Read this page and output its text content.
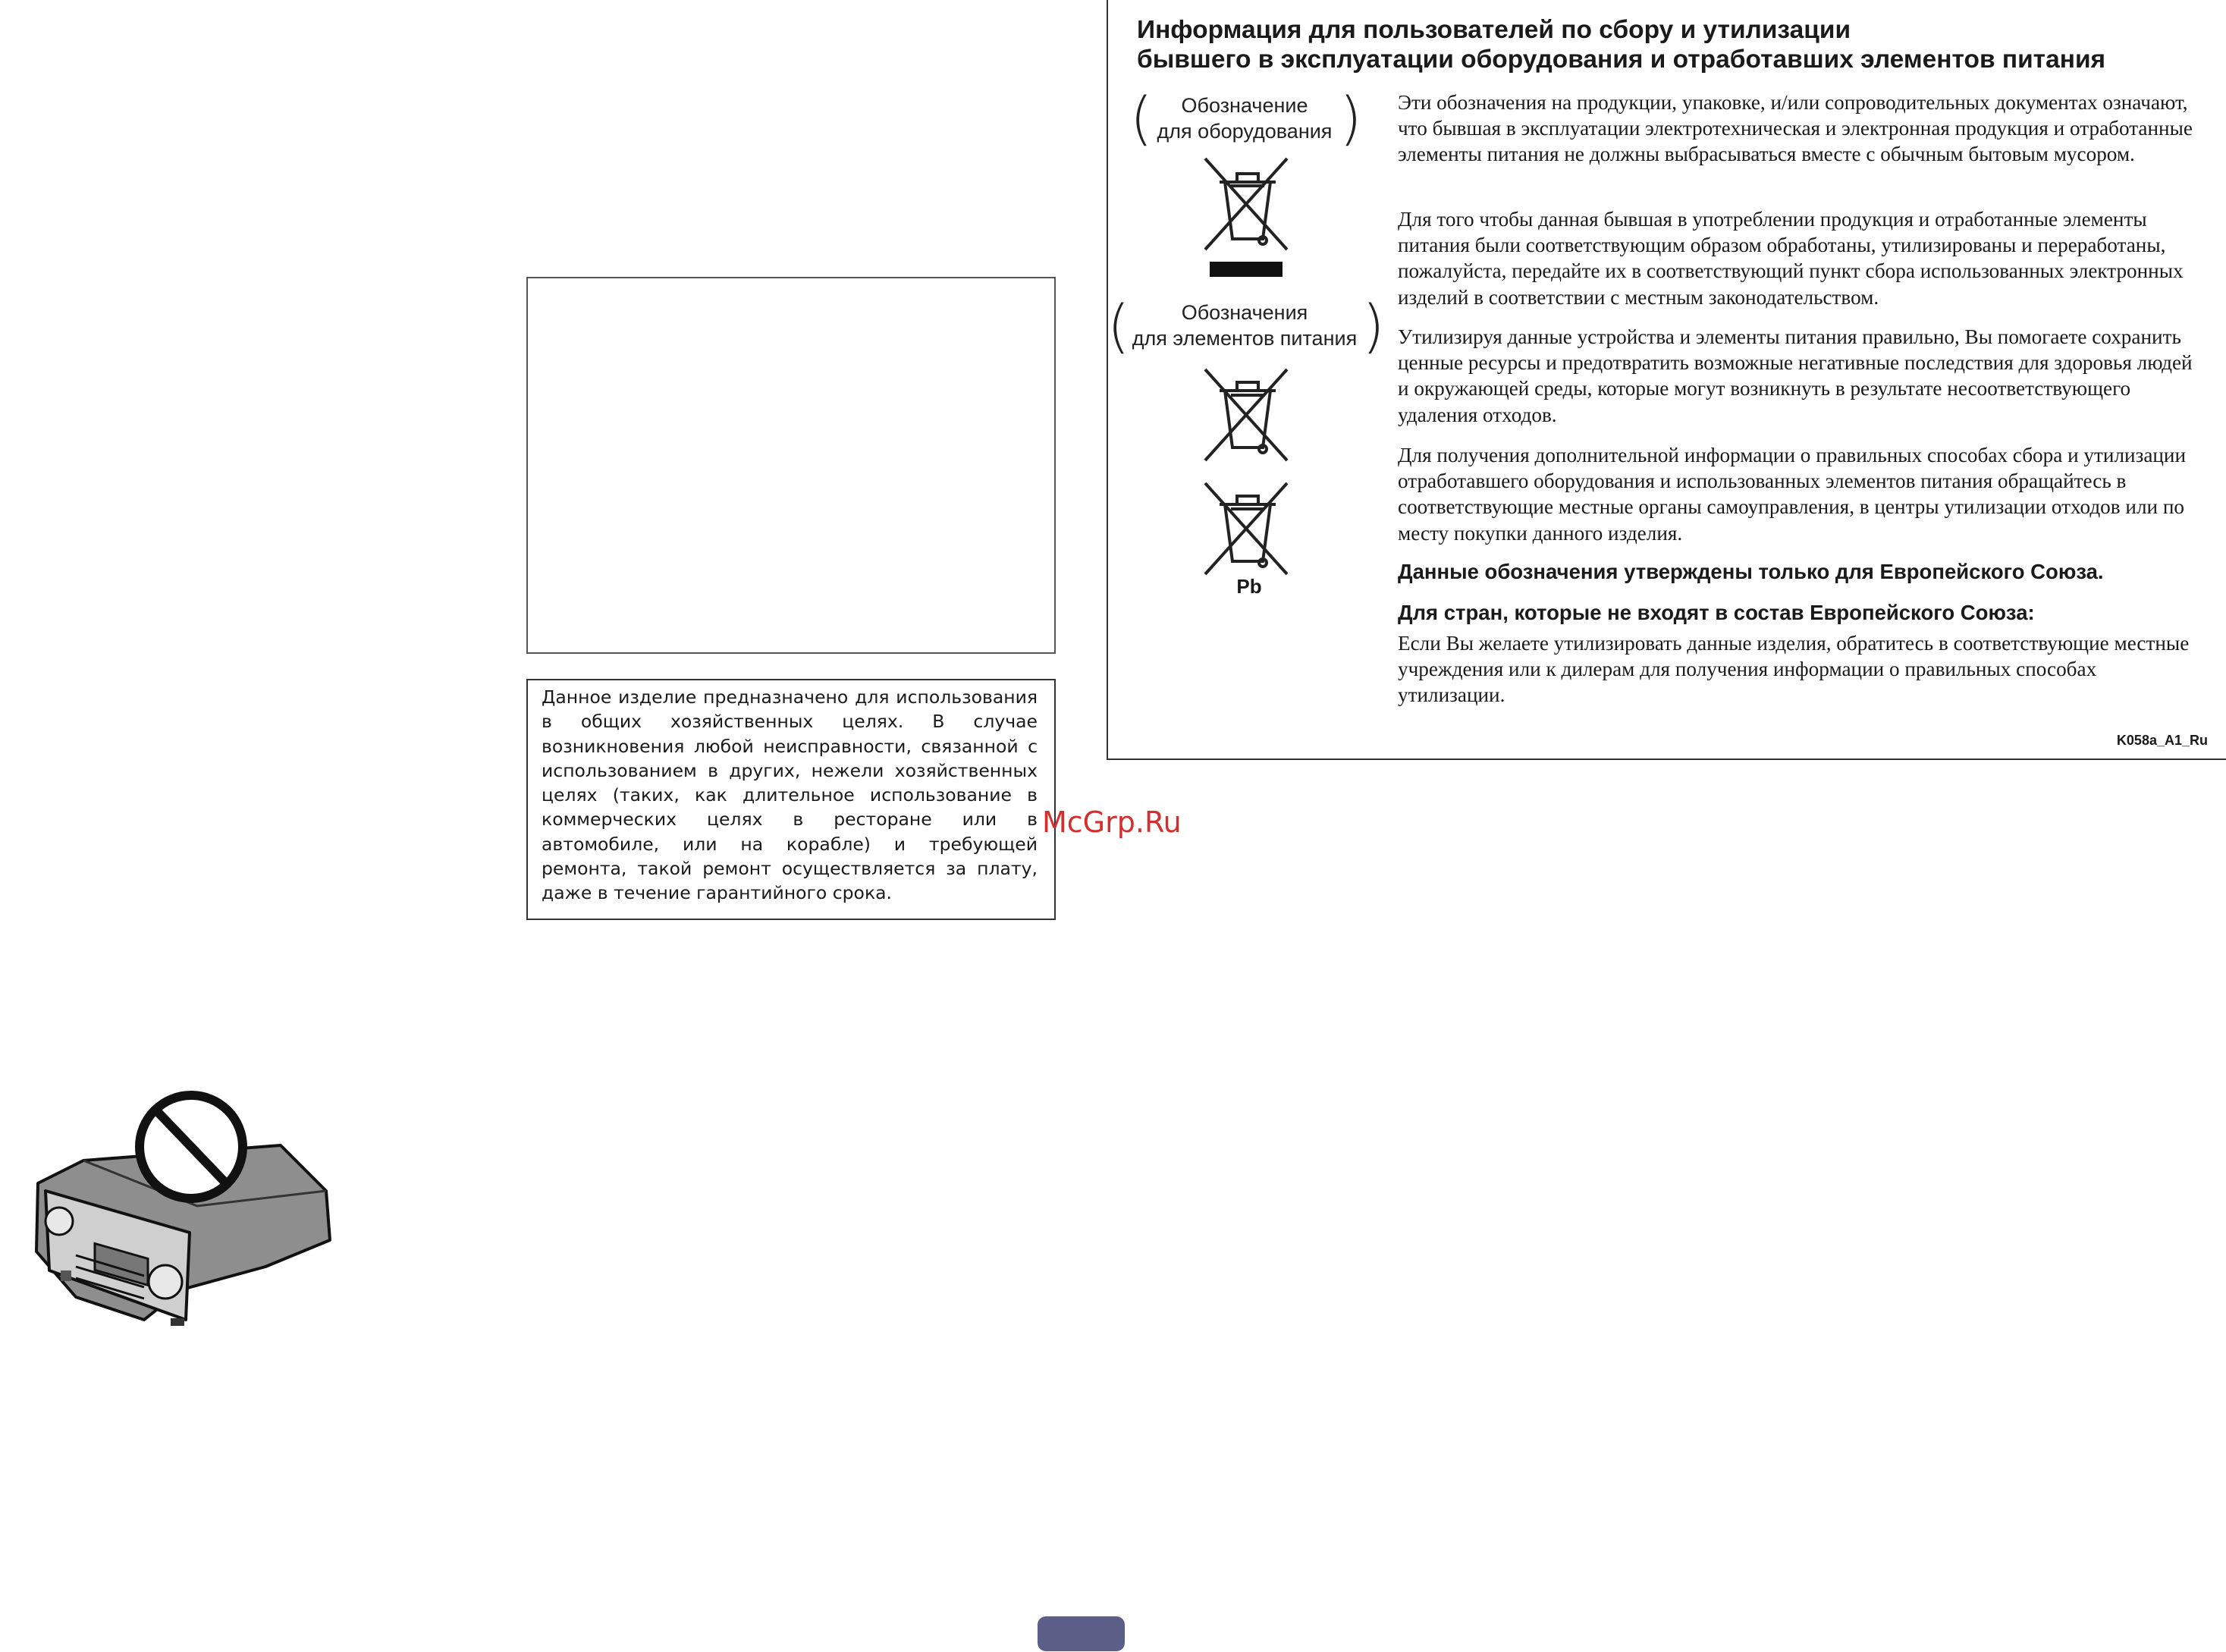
Данное изделие предназначено для использования в общих хозяйственных целях. В случае возникновения любой неисправности, связанной с использованием в других, нежели хозяйственных целях (таких, как длительное использование в коммерческих целях в ресторане или в автомобиле, или на корабле) и требующей ремонта, такой ремонт осуществляется за плату, даже в течение гарантийного срока.
McGrp.Ru
Информация для пользователей по сбору и утилизации
бывшего в эксплуатации оборудования и отработавших элементов питания
(	Обозначение
для оборудования )
(	Обозначения
для элементов питания )
Pb

Эти обозначения на продукции, упаковке, и/или сопроводительных документах означают, что бывшая в эксплуатации электротехническая и электронная продукция и отработанные элементы питания не должны выбрасываться вместе с обычным бытовым мусором.

Для того чтобы данная бывшая в употреблении продукция и отработанные элементы питания были соответствующим образом обработаны, утилизированы и переработаны, пожалуйста, передайте их в соответствующий пункт сбора использованных электронных изделий в соответствии с местным законодательством.

Утилизируя данные устройства и элементы питания правильно, Вы помогаете сохранить ценные ресурсы и предотвратить возможные негативные последствия для здоровья людей и окружающей среды, которые могут возникнуть в результате несоответствующего удаления отходов.

Для получения дополнительной информации о правильных способах сбора и утилизации отработавшего оборудования и использованных элементов питания обращайтесь в соответствующие местные органы самоуправления, в центры утилизации отходов или по месту покупки данного изделия.

Данные обозначения утверждены только для Европейского Союза.

Для стран, которые не входят в состав Европейского Союза:

Если Вы желаете утилизировать данные изделия, обратитесь в соответствующие местные учреждения или к дилерам для получения информации о правильных способах утилизации.

K058a_A1_Ru
